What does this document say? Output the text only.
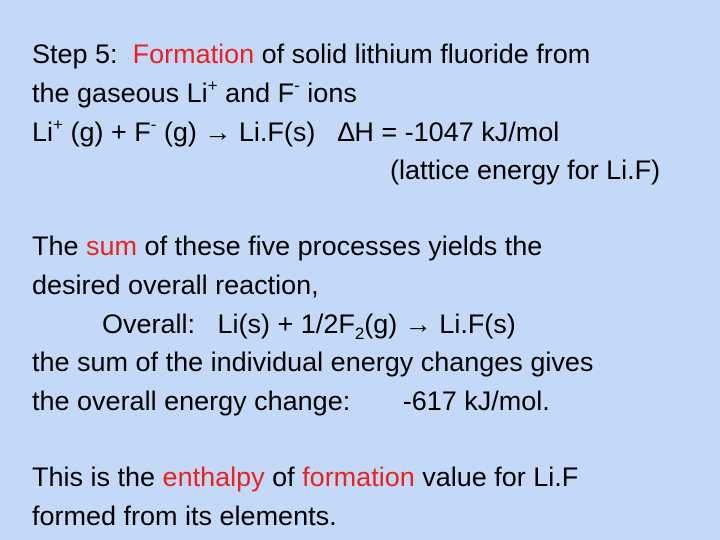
Step 5:  Formation of solid lithium fluoride from
the gaseous Li+ and F- ions
Li+ (g) + F- (g) → Li.F(s)   ∆H = -1047 kJ/mol
(lattice energy for Li.F)
The sum of these five processes yields the
desired overall reaction,
Overall:   $Li(s) + 1/2F_2(g) \to Li.F(s)$
the sum of the individual energy changes gives
the overall energy change:       -617 kJ/mol.
This is the enthalpy of formation value for Li.F
formed from its elements.
